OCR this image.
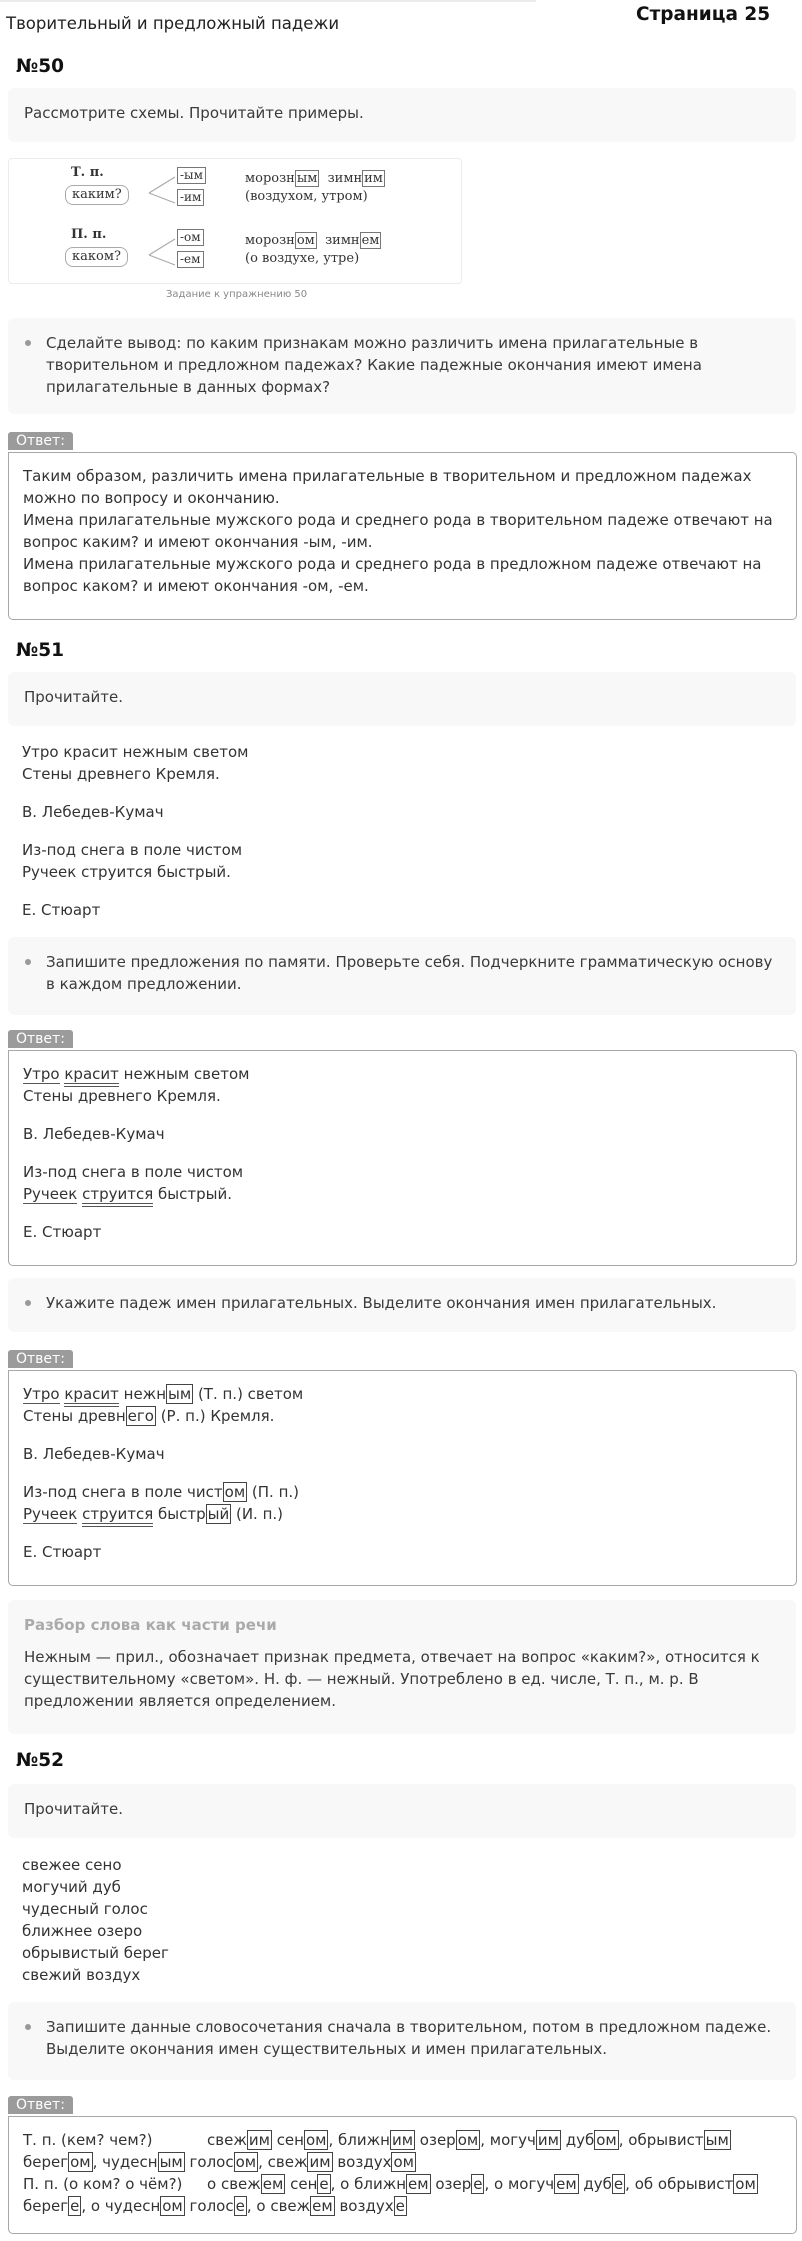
Творительный и предложный падежи	Страница 25
№50
Рассмотрите схемы. Прочитайте примеры.
Т. п.
каким?
-ым
-им
морозн ым зимн им
(воздухом, утром)
П. п.
каком?
-ом
-ем
морозн ом зимн ем
(о воздухе, утре)
Задание к упражнению 50
Сделайте вывод: по каким признакам можно различить имена прилагательные в творительном и предложном падежах? Какие падежные окончания имеют имена прилагательные в данных формах?
Ответ:

Таким образом, различить имена прилагательные в творительном и предложном падежах можно по вопросу и окончанию.

Имена прилагательные мужского рода и среднего рода в творительном падеже отвечают на вопрос каким? и имеют окончания -ым, -им.

Имена прилагательные мужского рода и среднего рода в предложном падеже отвечают на вопрос каком? и имеют окончания -ом, -ем.

№51
Прочитайте.

Утро красит нежным светом

Стены древнего Кремля.

В. Лебедев-Кумач

Из-под снега в поле чистом

Ручеек струится быстрый.

Е. Стюарт

Запишите предложения по памяти. Проверьте себя. Подчеркните грамматическую основу в каждом предложении.
Ответ:

Утро красит нежным светом

Стены древнего Кремля.

В. Лебедев-Кумач

Из-под снега в поле чистом

Ручеек струится быстрый.

Е. Стюарт

Укажите падеж имен прилагательных. Выделите окончания имен прилагательных.
Ответ:

Утро красит нежн ым (Т. п.) светом

Стены древн его (Р. п.) Кремля.

В. Лебедев-Кумач

Из-под снега в поле чист ом (П. п.)

Ручеек струится быстр ый (И. п.)

Е. Стюарт

Разбор слова как части речи
Нежным — прил., обозначает признак предмета, отвечает на вопрос «каким?», относится к существительному «светом». Н. ф. — нежный. Употреблено в ед. числе, Т. п., м. р. В предложении является определением.
№52
Прочитайте.

свежее сено

могучий дуб

чудесный голос

ближнее озеро

обрывистый берег

свежий воздух

Запишите данные словосочетания сначала в творительном, потом в предложном падеже. Выделите окончания имен существительных и имен прилагательных.
Ответ:

Т. п. (кем? чем?)	свеж им сен ом , ближн им озер ом , могуч им дуб ом , обрывист ым берег ом , чудесн ым голос ом , свеж им воздух ом

П. п. (о ком? о чём?) о свеж ем сен е , о ближн ем озер е , о могуч ем дуб е , об обрывист ом берег е , о чудесн ом голос е , о свеж ем воздух е
